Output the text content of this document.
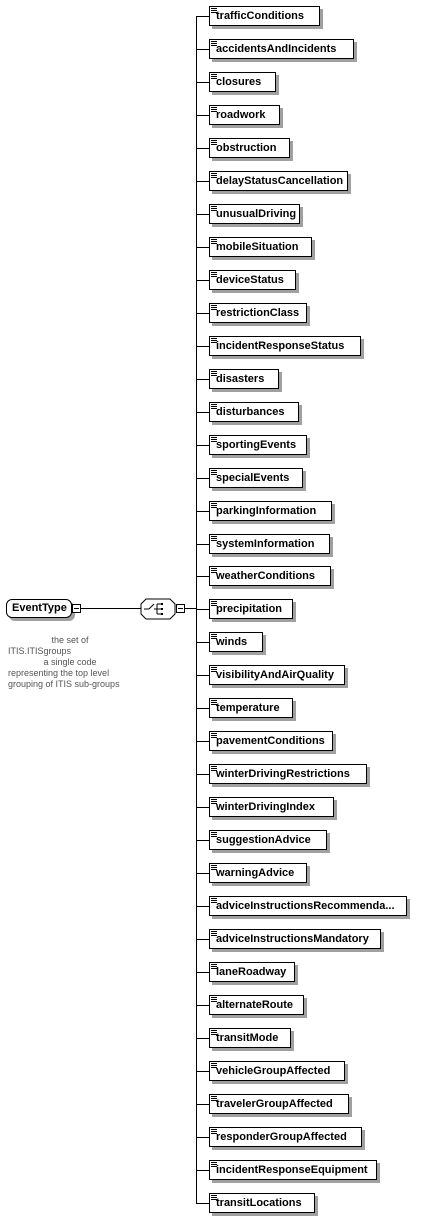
EventType
the set of
ITIS.ITISgroups
a single code
representing the top level
grouping of ITIS sub-groups
trafficConditions
accidentsAndIncidents
closures
roadwork
obstruction
delayStatusCancellation
unusualDriving
mobileSituation
deviceStatus
restrictionClass
incidentResponseStatus
disasters
disturbances
sportingEvents
specialEvents
parkingInformation
systemInformation
weatherConditions
precipitation
winds
visibilityAndAirQuality
temperature
pavementConditions
winterDrivingRestrictions
winterDrivingIndex
suggestionAdvice
warningAdvice
adviceInstructionsRecommenda...
adviceInstructionsMandatory
laneRoadway
alternateRoute
transitMode
vehicleGroupAffected
travelerGroupAffected
responderGroupAffected
incidentResponseEquipment
transitLocations
